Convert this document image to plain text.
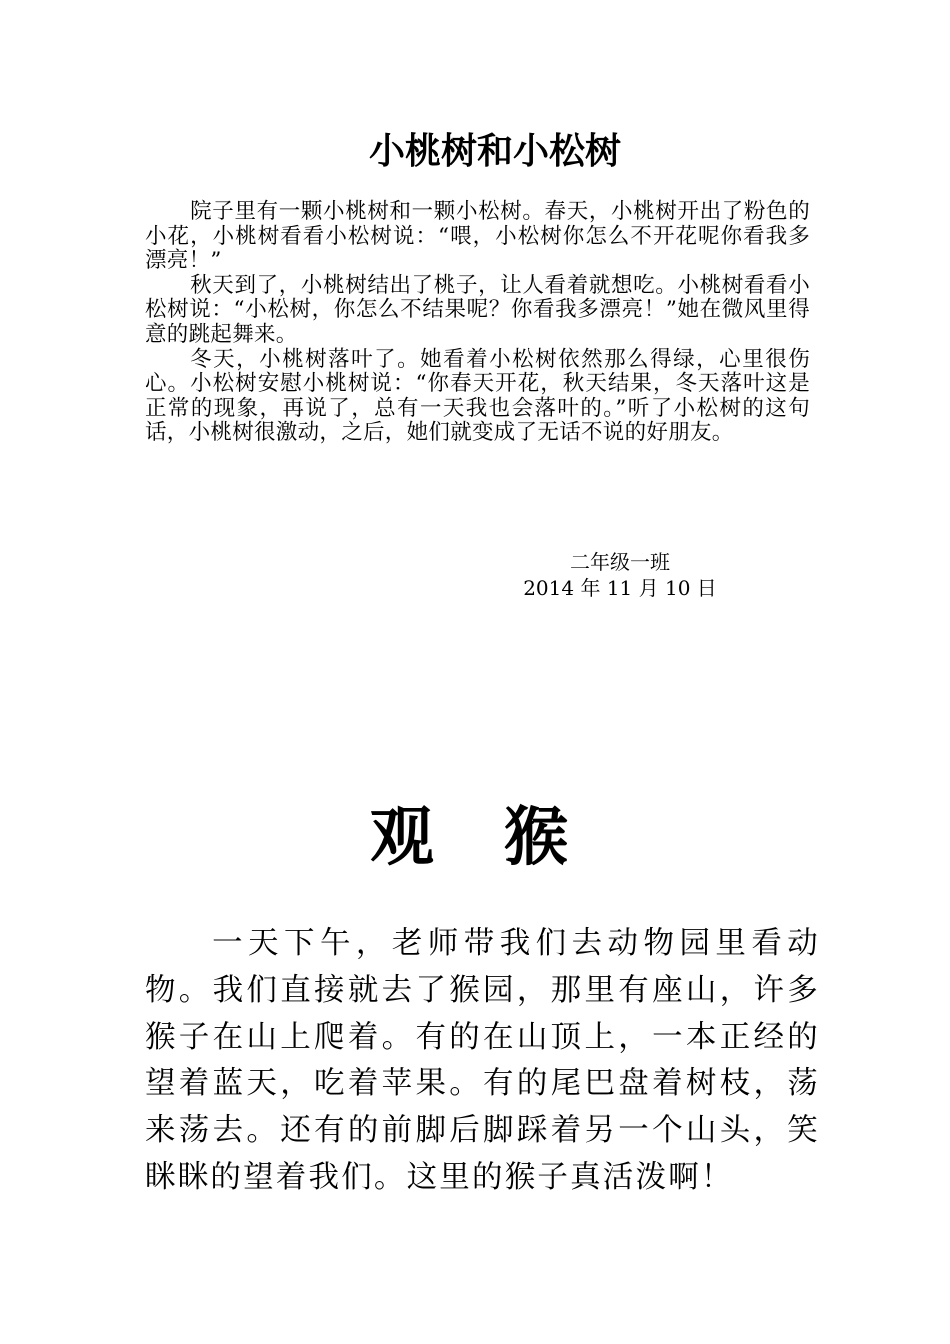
小桃树和小松树

院子里有一颗小桃树和一颗小松树。春天，小桃树开出了粉色的小花，小桃树看看小松树说：“喂，小松树你怎么不开花呢你看我多漂亮！”

秋天到了，小桃树结出了桃子，让人看着就想吃。小桃树看看小松树说：“小松树，你怎么不结果呢？你看我多漂亮！”她在微风里得意的跳起舞来。

冬天，小桃树落叶了。她看着小松树依然那么得绿，心里很伤心。小松树安慰小桃树说：“你春天开花，秋天结果，冬天落叶这是正常的现象，再说了，总有一天我也会落叶的。”听了小松树的这句话，小桃树很激动，之后，她们就变成了无话不说的好朋友。

二年级一班
2014 年 11 月 10 日
观猴

一天下午，老师带我们去动物园里看动物。我们直接就去了猴园，那里有座山，许多猴子在山上爬着。有的在山顶上，一本正经的望着蓝天，吃着苹果。有的尾巴盘着树枝，荡来荡去。还有的前脚后脚踩着另一个山头，笑眯眯的望着我们。这里的猴子真活泼啊！
